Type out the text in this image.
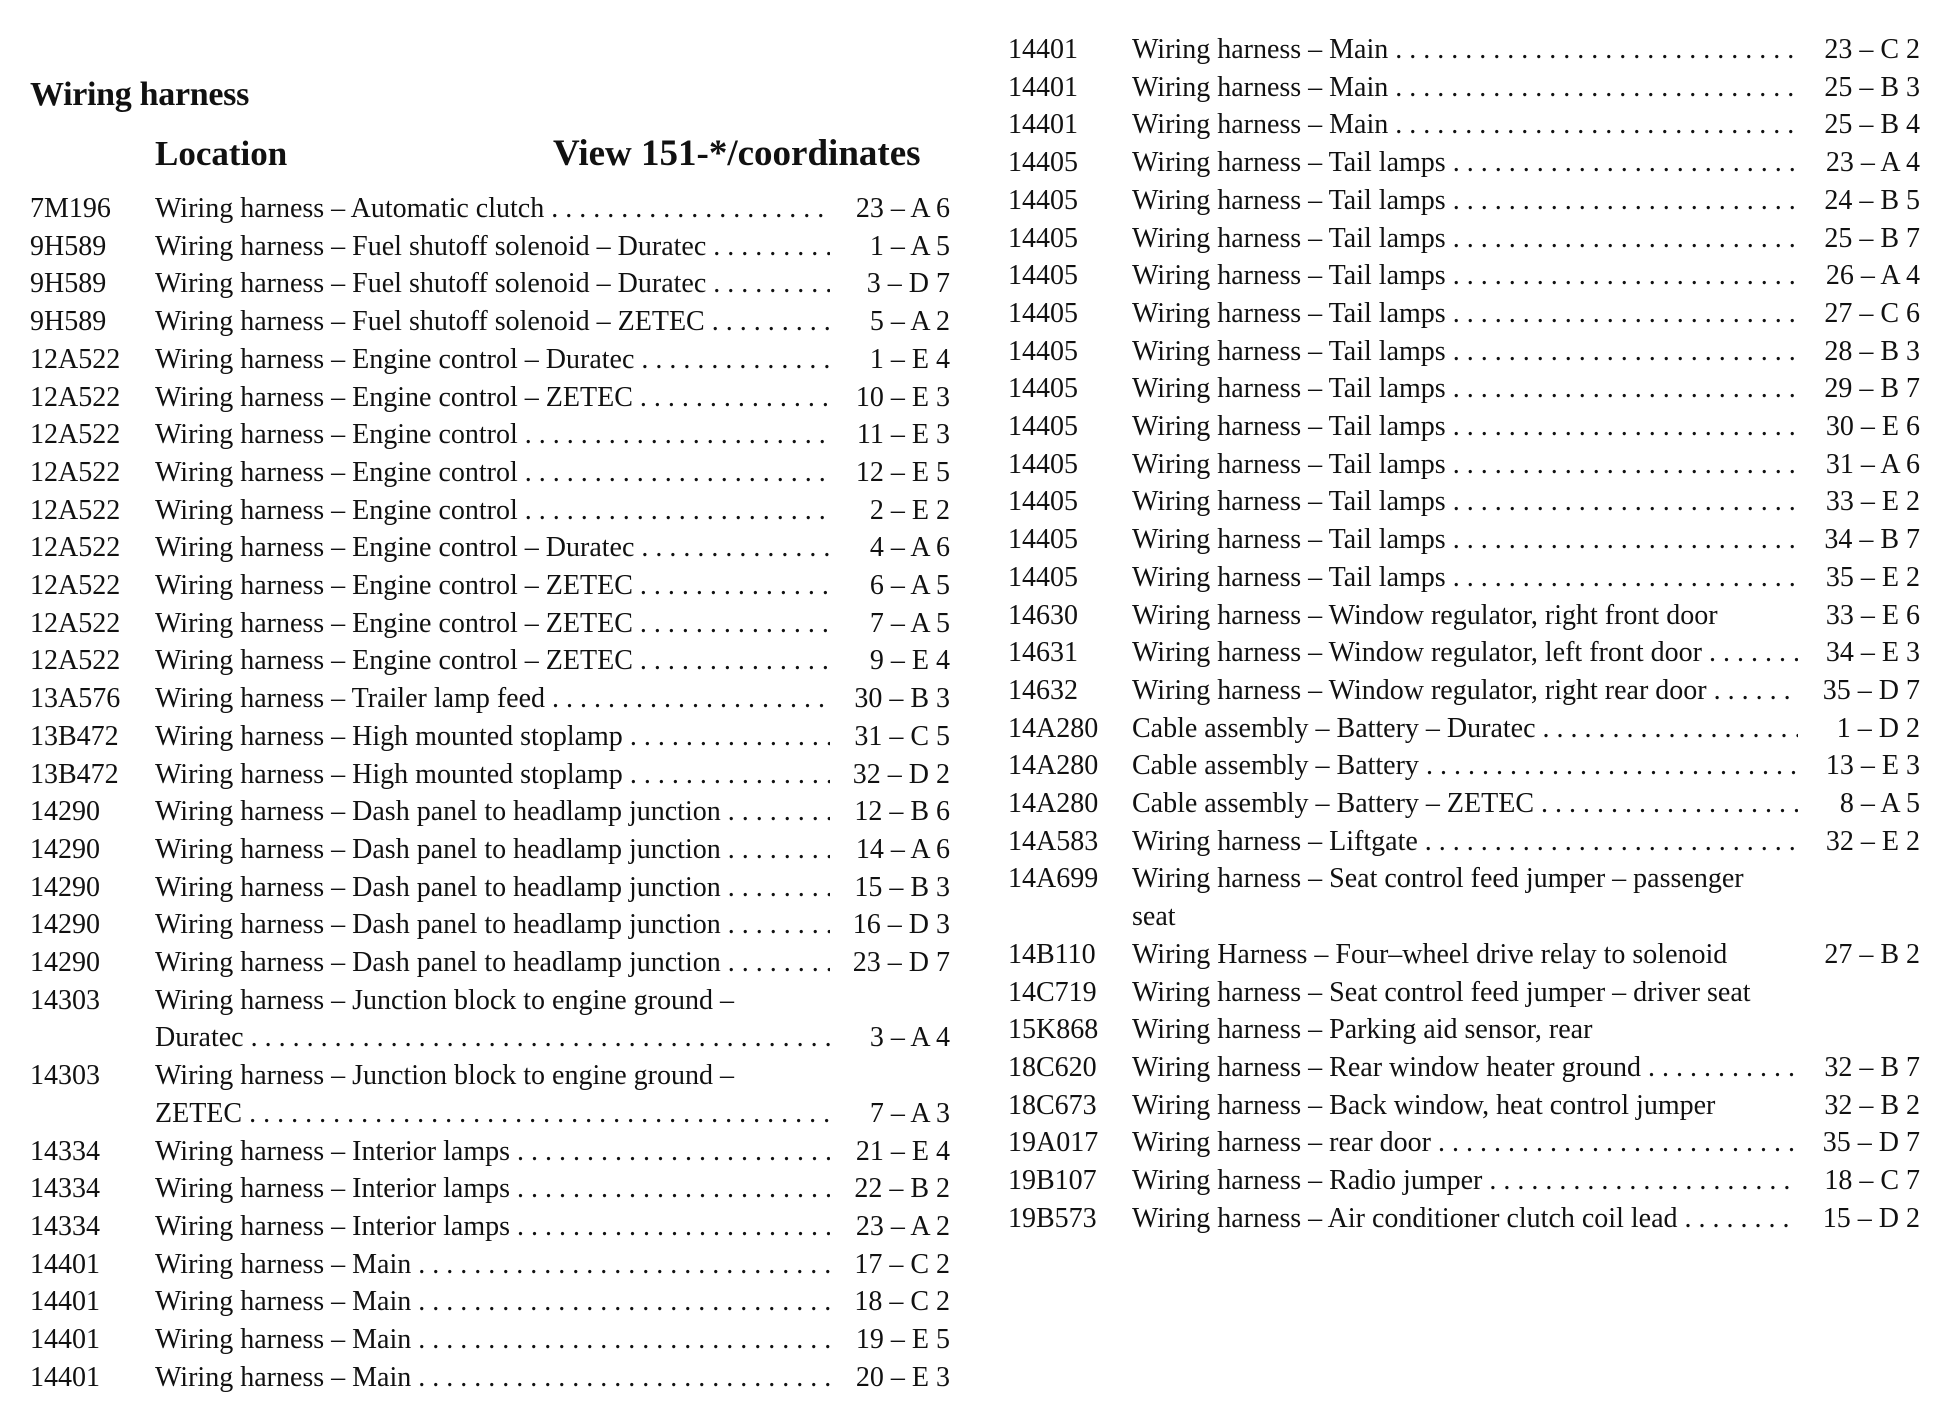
Wiring harness
Location	View 151-*/coordinates
7M196	Wiring harness – Automatic clutch . . .	23 – A 6
9H589	Wiring harness – Fuel shutoff solenoid – Duratec . . .	1 – A 5
9H589	Wiring harness – Fuel shutoff solenoid – Duratec . . .	3 – D 7
9H589	Wiring harness – Fuel shutoff solenoid – ZETEC . . .	5 – A 2
12A522	Wiring harness – Engine control – Duratec . . .	1 – E 4
12A522	Wiring harness – Engine control – ZETEC . . .	10 – E 3
12A522	Wiring harness – Engine control . . .	11 – E 3
12A522	Wiring harness – Engine control . . .	12 – E 5
12A522	Wiring harness – Engine control . . .	2 – E 2
12A522	Wiring harness – Engine control – Duratec . . .	4 – A 6
12A522	Wiring harness – Engine control – ZETEC . . .	6 – A 5
12A522	Wiring harness – Engine control – ZETEC . . .	7 – A 5
12A522	Wiring harness – Engine control – ZETEC . . .	9 – E 4
13A576	Wiring harness – Trailer lamp feed . . .	30 – B 3
13B472	Wiring harness – High mounted stoplamp . . .	31 – C 5
13B472	Wiring harness – High mounted stoplamp . . .	32 – D 2
14290	Wiring harness – Dash panel to headlamp junction . . .	12 – B 6
14290	Wiring harness – Dash panel to headlamp junction . . .	14 – A 6
14290	Wiring harness – Dash panel to headlamp junction . . .	15 – B 3
14290	Wiring harness – Dash panel to headlamp junction . . .	16 – D 3
14290	Wiring harness – Dash panel to headlamp junction . . .	23 – D 7
14303	Wiring harness – Junction block to engine ground –
Duratec . . .	3 – A 4
14303	Wiring harness – Junction block to engine ground –
ZETEC . . .	7 – A 3
14334	Wiring harness – Interior lamps . . .	21 – E 4
14334	Wiring harness – Interior lamps . . .	22 – B 2
14334	Wiring harness – Interior lamps . . .	23 – A 2
14401	Wiring harness – Main . . .	17 – C 2
14401	Wiring harness – Main . . .	18 – C 2
14401	Wiring harness – Main . . .	19 – E 5
14401	Wiring harness – Main . . .	20 – E 3
14401	Wiring harness – Main . . .	23 – C 2
14401	Wiring harness – Main . . .	25 – B 3
14401	Wiring harness – Main . . .	25 – B 4
14405	Wiring harness – Tail lamps . . .	23 – A 4
14405	Wiring harness – Tail lamps . . .	24 – B 5
14405	Wiring harness – Tail lamps . . .	25 – B 7
14405	Wiring harness – Tail lamps . . .	26 – A 4
14405	Wiring harness – Tail lamps . . .	27 – C 6
14405	Wiring harness – Tail lamps . . .	28 – B 3
14405	Wiring harness – Tail lamps . . .	29 – B 7
14405	Wiring harness – Tail lamps . . .	30 – E 6
14405	Wiring harness – Tail lamps . . .	31 – A 6
14405	Wiring harness – Tail lamps . . .	33 – E 2
14405	Wiring harness – Tail lamps . . .	34 – B 7
14405	Wiring harness – Tail lamps . . .	35 – E 2
14630	Wiring harness – Window regulator, right front door	33 – E 6
14631	Wiring harness – Window regulator, left front door . . .	34 – E 3
14632	Wiring harness – Window regulator, right rear door . . .	35 – D 7
14A280	Cable assembly – Battery – Duratec . . .	1 – D 2
14A280	Cable assembly – Battery . . .	13 – E 3
14A280	Cable assembly – Battery – ZETEC . . .	8 – A 5
14A583	Wiring harness – Liftgate . . .	32 – E 2
14A699	Wiring harness – Seat control feed jumper – passenger
seat
14B110	Wiring Harness – Four–wheel drive relay to solenoid	27 – B 2
14C719	Wiring harness – Seat control feed jumper – driver seat
15K868	Wiring harness – Parking aid sensor, rear
18C620	Wiring harness – Rear window heater ground . . .	32 – B 7
18C673	Wiring harness – Back window, heat control jumper	32 – B 2
19A017	Wiring harness – rear door . . .	35 – D 7
19B107	Wiring harness – Radio jumper . . .	18 – C 7
19B573	Wiring harness – Air conditioner clutch coil lead . . .	15 – D 2
